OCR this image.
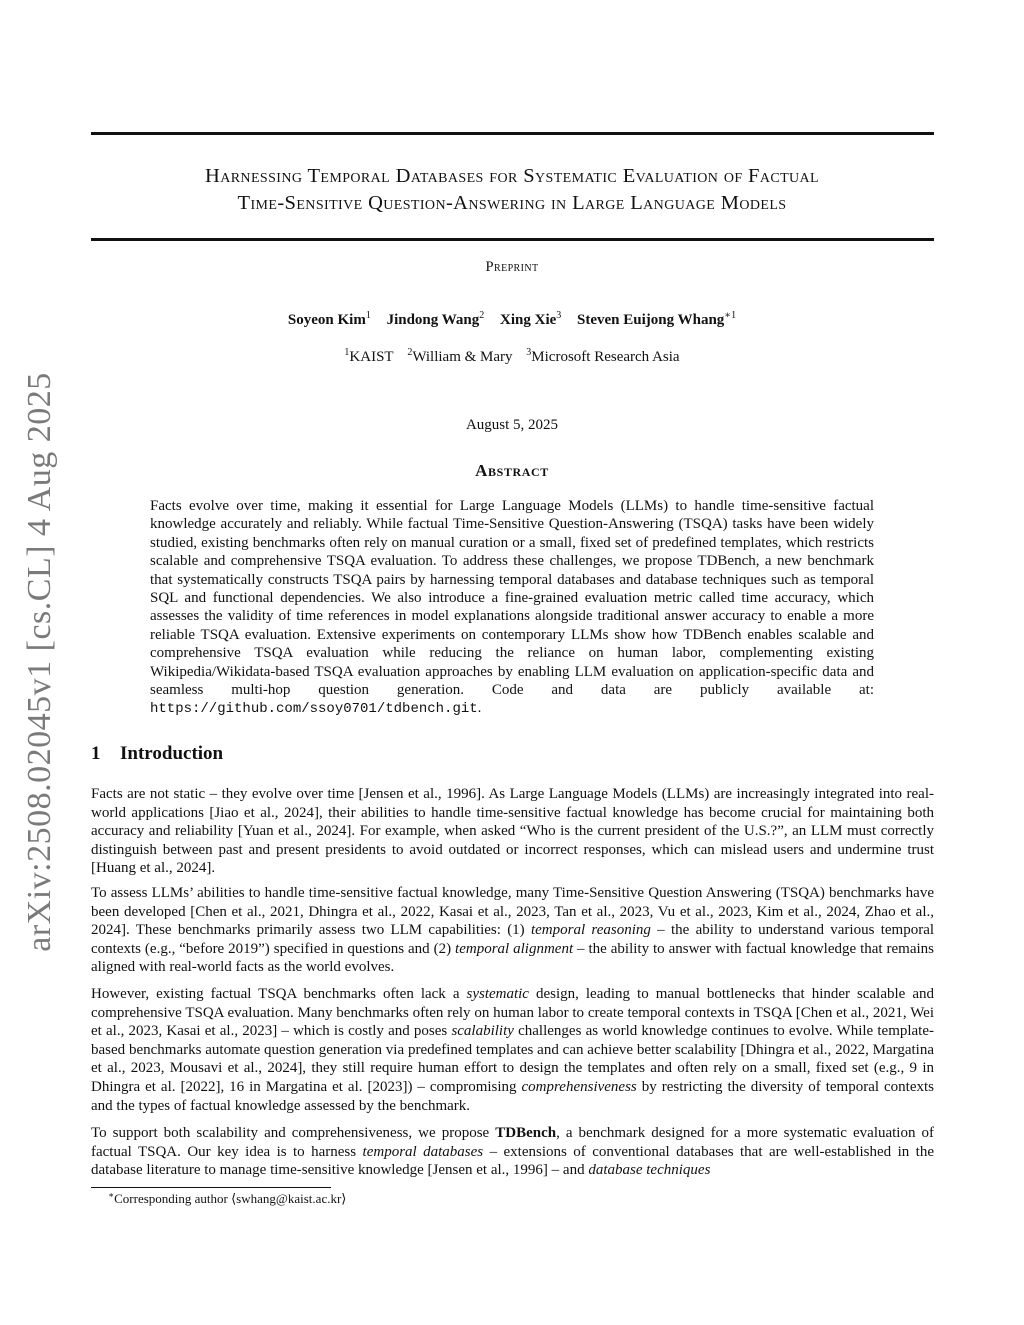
arXiv:2508.02045v1 [cs.CL] 4 Aug 2025
Harnessing Temporal Databases for Systematic Evaluation of Factual
Time-Sensitive Question-Answering in Large Language Models
Preprint
Soyeon Kim$^1$ Jindong Wang$^2$ Xing Xie$^3$ Steven Euijong Whang$^{∗1}$
$^1$KAIST $^2$William & Mary $^3$Microsoft Research Asia
August 5, 2025
Abstract

Facts evolve over time, making it essential for Large Language Models (LLMs) to handle time-sensitive factual knowledge accurately and reliably. While factual Time-Sensitive Question-Answering (TSQA) tasks have been widely studied, existing benchmarks often rely on manual curation or a small, fixed set of predefined templates, which restricts scalable and comprehensive TSQA evaluation. To address these challenges, we propose TDBench, a new benchmark that systematically constructs TSQA pairs by harnessing temporal databases and database techniques such as temporal SQL and functional dependencies. We also introduce a fine-grained evaluation metric called time accuracy, which assesses the validity of time references in model explanations alongside traditional answer accuracy to enable a more reliable TSQA evaluation. Extensive experiments on contemporary LLMs show how TDBench enables scalable and comprehensive TSQA evaluation while reducing the reliance on human labor, complementing existing Wikipedia/Wikidata-based TSQA evaluation approaches by enabling LLM evaluation on application-specific data and seamless multi-hop question generation. Code and data are publicly available at: https://github.com/ssoy0701/tdbench.git.

1 Introduction

Facts are not static – they evolve over time [Jensen et al., 1996]. As Large Language Models (LLMs) are increasingly integrated into real-world applications [Jiao et al., 2024], their abilities to handle time-sensitive factual knowledge has become crucial for maintaining both accuracy and reliability [Yuan et al., 2024]. For example, when asked “Who is the current president of the U.S.?”, an LLM must correctly distinguish between past and present presidents to avoid outdated or incorrect responses, which can mislead users and undermine trust [Huang et al., 2024].

To assess LLMs’ abilities to handle time-sensitive factual knowledge, many Time-Sensitive Question Answering (TSQA) benchmarks have been developed [Chen et al., 2021, Dhingra et al., 2022, Kasai et al., 2023, Tan et al., 2023, Vu et al., 2023, Kim et al., 2024, Zhao et al., 2024]. These benchmarks primarily assess two LLM capabilities: (1) temporal reasoning – the ability to understand various temporal contexts (e.g., “before 2019”) specified in questions and (2) temporal alignment – the ability to answer with factual knowledge that remains aligned with real-world facts as the world evolves.

However, existing factual TSQA benchmarks often lack a systematic design, leading to manual bottlenecks that hinder scalable and comprehensive TSQA evaluation. Many benchmarks often rely on human labor to create temporal contexts in TSQA [Chen et al., 2021, Wei et al., 2023, Kasai et al., 2023] – which is costly and poses scalability challenges as world knowledge continues to evolve. While template-based benchmarks automate question generation via predefined templates and can achieve better scalability [Dhingra et al., 2022, Margatina et al., 2023, Mousavi et al., 2024], they still require human effort to design the templates and often rely on a small, fixed set (e.g., 9 in Dhingra et al. [2022], 16 in Margatina et al. [2023]) – compromising comprehensiveness by restricting the diversity of temporal contexts and the types of factual knowledge assessed by the benchmark.

To support both scalability and comprehensiveness, we propose TDBench, a benchmark designed for a more systematic evaluation of factual TSQA. Our key idea is to harness temporal databases – extensions of conventional databases that are well-established in the database literature to manage time-sensitive knowledge [Jensen et al., 1996] – and database techniques

∗Corresponding author ⟨swhang@kaist.ac.kr⟩
